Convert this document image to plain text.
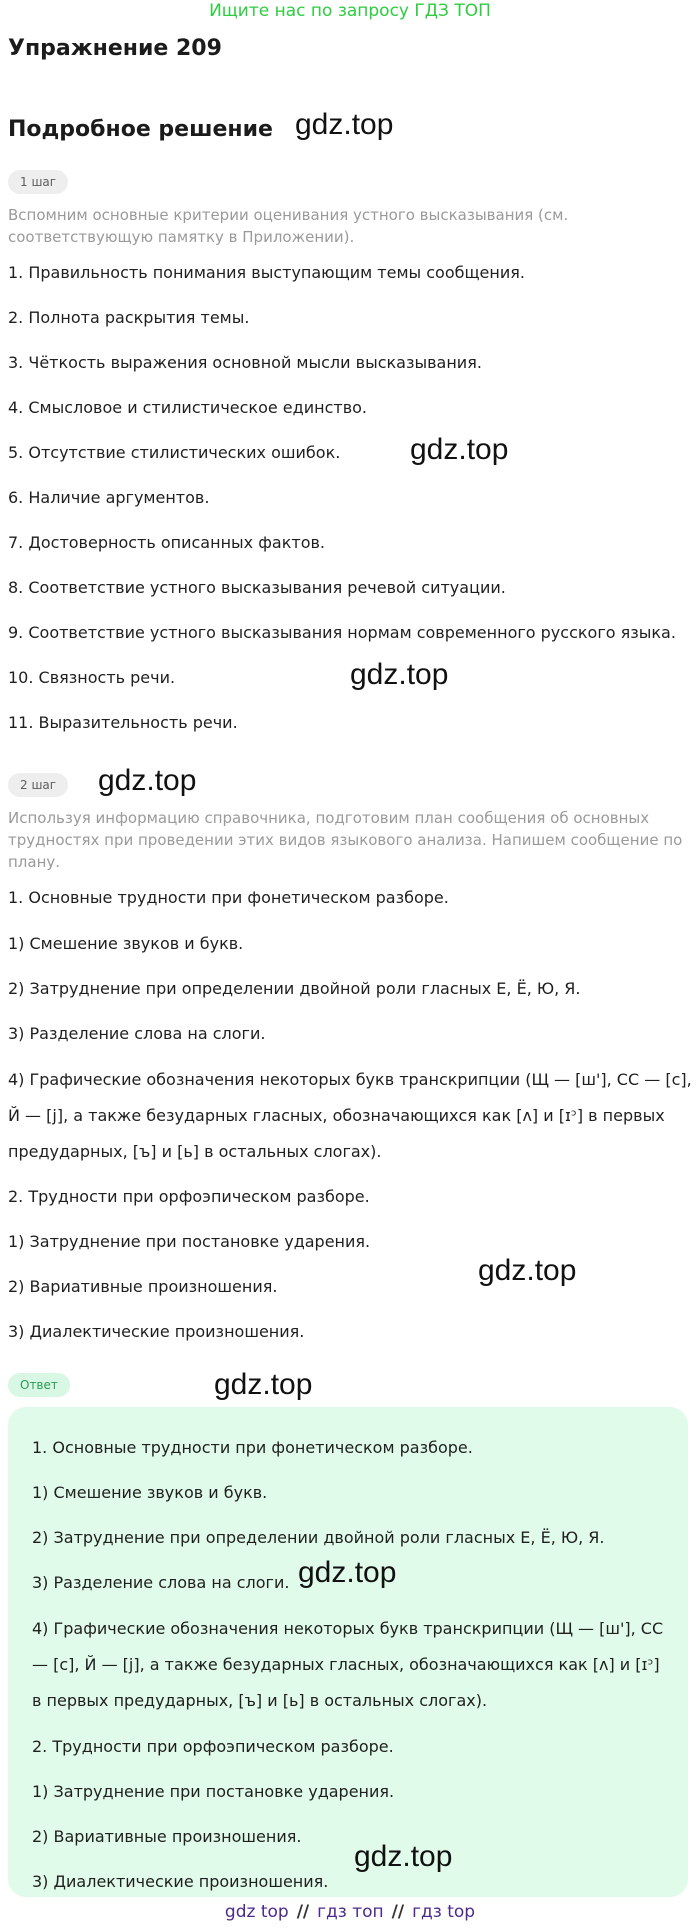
Ищите нас по запросу ГДЗ ТОП
Упражнение 209
Подробное решение gdz.top
gdz.top
gdz.top
gdz.top
gdz.top
gdz.top
1 шаг
Вспомним основные критерии оценивания устного высказывания (см. соответствующую памятку в Приложении).
1. Правильность понимания выступающим темы сообщения.
2. Полнота раскрытия темы.
3. Чёткость выражения основной мысли высказывания.
4. Смысловое и стилистическое единство.
5. Отсутствие стилистических ошибок.
6. Наличие аргументов.
7. Достоверность описанных фактов.
8. Соответствие устного высказывания речевой ситуации.
9. Соответствие устного высказывания нормам современного русского языка.
10. Связность речи.
11. Выразительность речи.
2 шаг
Используя информацию справочника, подготовим план сообщения об основных трудностях при проведении этих видов языкового анализа. Напишем сообщение по плану.
1. Основные трудности при фонетическом разборе.
1) Смешение звуков и букв.
2) Затруднение при определении двойной роли гласных Е, Ё, Ю, Я.
3) Разделение слова на слоги.
4) Графические обозначения некоторых букв транскрипции (Щ — [ш'], СС — [с], Й — [j], а также безударных гласных, обозначающихся как [ʌ] и [ɪᵓ] в первых предударных, [ъ] и [ь] в остальных слогах).
2. Трудности при орфоэпическом разборе.
1) Затруднение при постановке ударения.
2) Вариативные произношения.
3) Диалектические произношения.
Ответ
1. Основные трудности при фонетическом разборе.
1) Смешение звуков и букв.
2) Затруднение при определении двойной роли гласных Е, Ё, Ю, Я.
3) Разделение слова на слоги.
4) Графические обозначения некоторых букв транскрипции (Щ — [ш'], СС — [с], Й — [j], а также безударных гласных, обозначающихся как [ʌ] и [ɪᵓ] в первых предударных, [ъ] и [ь] в остальных слогах).
2. Трудности при орфоэпическом разборе.
1) Затруднение при постановке ударения.
2) Вариативные произношения.
3) Диалектические произношения.
gdz.top
gdz.top
gdz top // гдз топ // гдз top
